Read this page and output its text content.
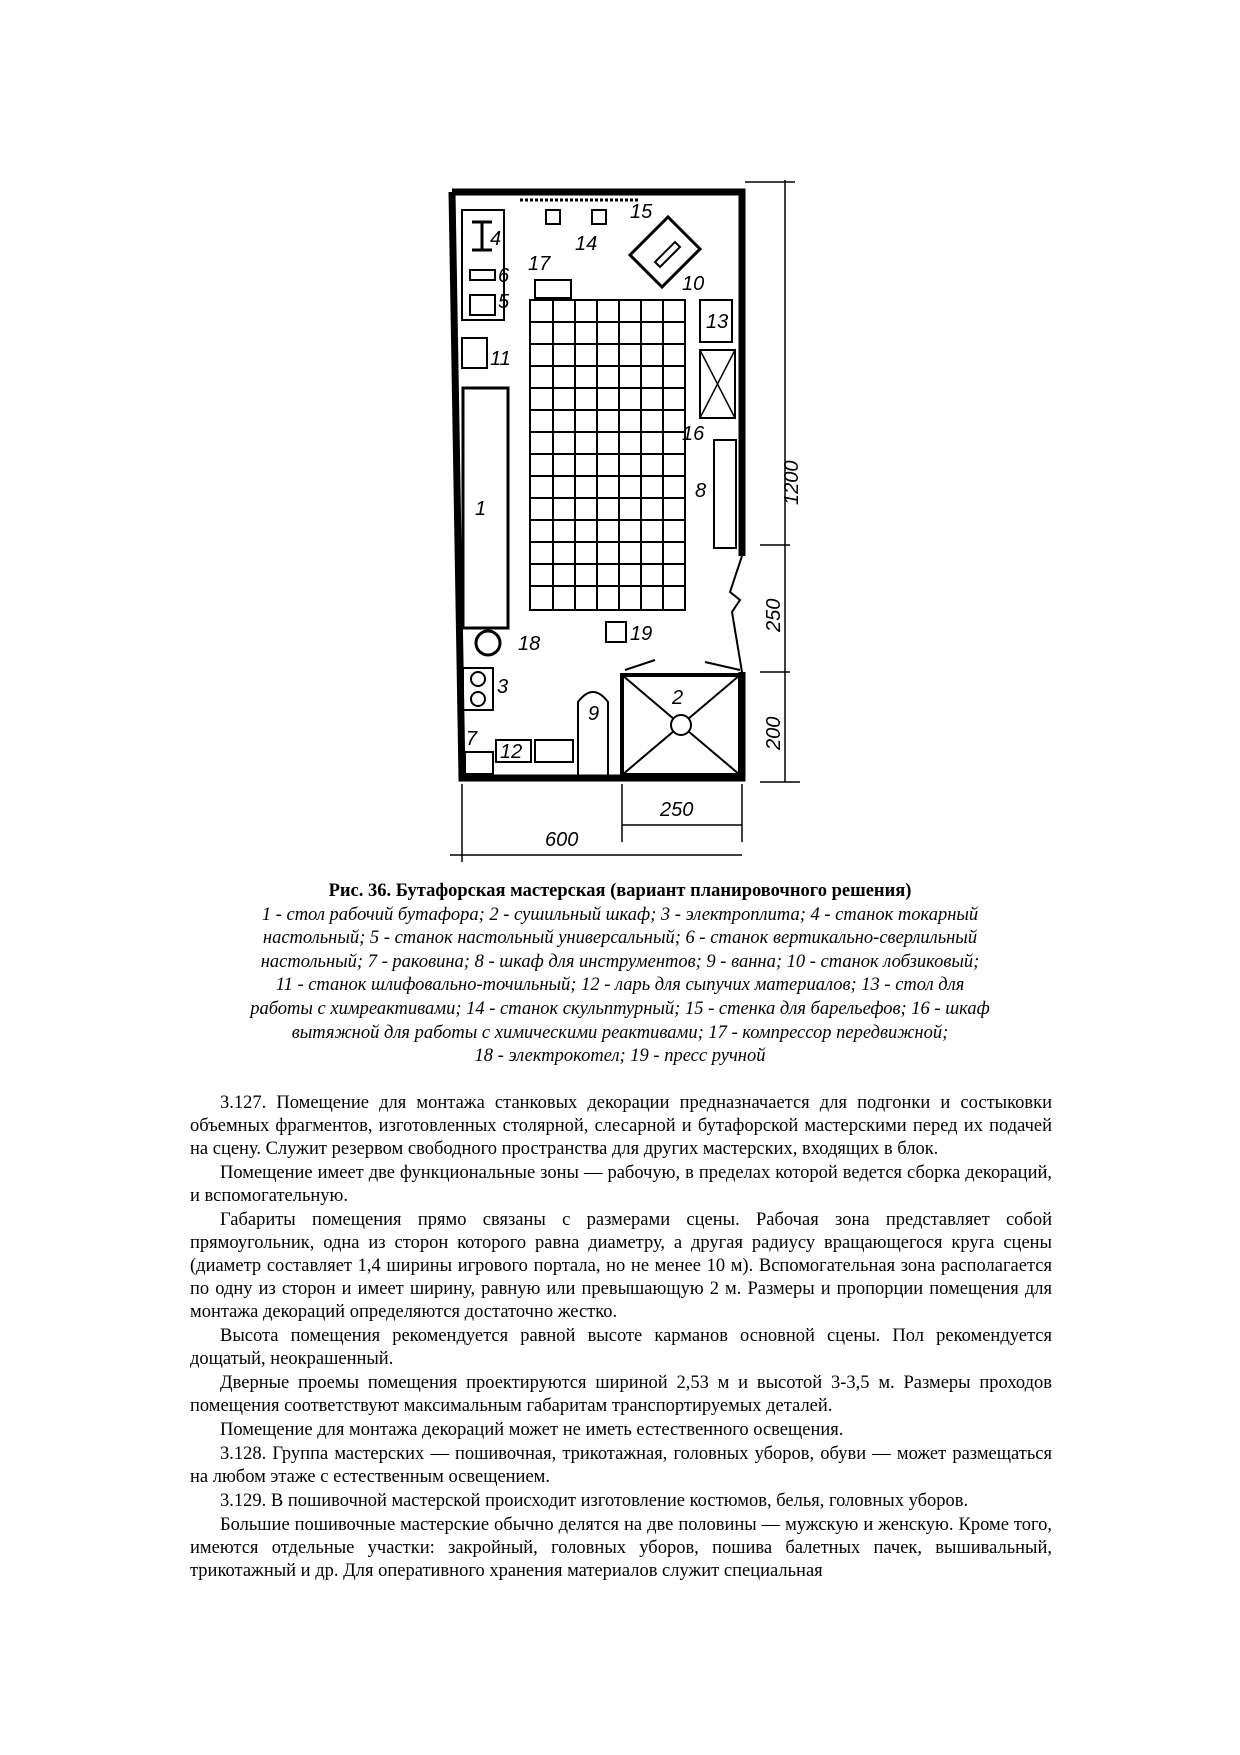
4
6
5
11
1
18
3
7
12
9
2
19
8
16
13
10
15
14
17
1200
250
200
250
600
Рис. 36. Бутафорская мастерская (вариант планировочного решения)
1 - стол рабочий бутафора; 2 - сушильный шкаф; 3 - электроплита; 4 - станок токарный
настольный; 5 - станок настольный универсальный; 6 - станок вертикально-сверлильный
настольный; 7 - раковина; 8 - шкаф для инструментов; 9 - ванна; 10 - станок лобзиковый;
11 - станок шлифовально-точильный; 12 - ларь для сыпучих материалов; 13 - стол для
работы с химреактивами; 14 - станок скульптурный; 15 - стенка для барельефов; 16 - шкаф
вытяжной для работы с химическими реактивами; 17 - компрессор передвижной;
18 - электрокотел; 19 - пресс ручной

3.127. Помещение для монтажа станковых декорации предназначается для подгонки и состыковки объемных фрагментов, изготовленных столярной, слесарной и бутафорской мастерскими перед их подачей на сцену. Служит резервом свободного пространства для других мастерских, входящих в блок.

Помещение имеет две функциональные зоны — рабочую, в пределах которой ведется сборка декораций, и вспомогательную.

Габариты помещения прямо связаны с размерами сцены. Рабочая зона представляет собой прямоугольник, одна из сторон которого равна диаметру, а другая радиусу вращающегося круга сцены (диаметр составляет 1,4 ширины игрового портала, но не менее 10 м). Вспомогательная зона располагается по одну из сторон и имеет ширину, равную или превышающую 2 м. Размеры и пропорции помещения для монтажа декораций определяются достаточно жестко.

Высота помещения рекомендуется равной высоте карманов основной сцены. Пол рекомендуется дощатый, неокрашенный.

Дверные проемы помещения проектируются шириной 2,53 м и высотой 3-3,5 м. Размеры проходов помещения соответствуют максимальным габаритам транспортируемых деталей.

Помещение для монтажа декораций может не иметь естественного освещения.

3.128. Группа мастерских — пошивочная, трикотажная, головных уборов, обуви — может размещаться на любом этаже с естественным освещением.

3.129. В пошивочной мастерской происходит изготовление костюмов, белья, головных уборов.

Большие пошивочные мастерские обычно делятся на две половины — мужскую и женскую. Кроме того, имеются отдельные участки: закройный, головных уборов, пошива балетных пачек, вышивальный, трикотажный и др. Для оперативного хранения материалов служит специальная
